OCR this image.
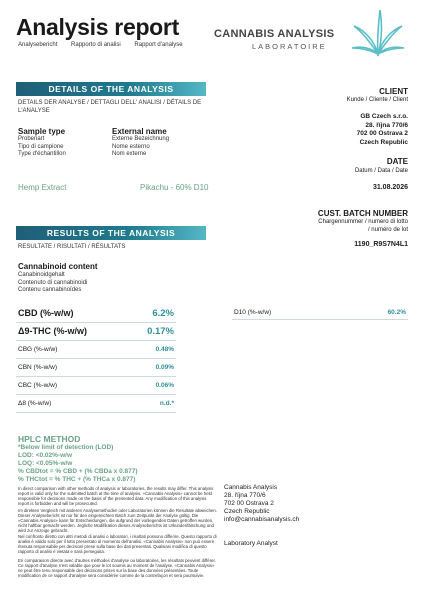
Analysis report
Analysebericht Rapporto di analisi Rapport d'analyse
CANNABIS ANALYSIS
LABORATOIRE
DETAILS OF THE ANALYSIS
DETAILS DER ANALYSE / DETTAGLI DELL' ANALISI / DÉTAILS DE L'ANALYSE
Sample type
Probenart
Tipo di campione
Type d'échantillon
External name
Externe Bezeichnung
Nome esterno
Nom externe
Hemp Extract	Pikachu - 60% D10
CLIENT
Kunde / Cliente / Client
GB Czech s.r.o.
28. října 770/6
702 00 Ostrava 2
Czech Republic
DATE
Datum / Data / Date
31.08.2026
CUST. BATCH NUMBER
Chargennummer / numero di lotto
/ numéro de lot
1190_R9S7N4L1
RESULTS OF THE ANALYSIS
RESULTATE / RISULTATI / RÉSULTATS
Cannabinoid content
Canabinoidgehalt
Contenuto di cannabinoidi
Contenu cannabinoïdes
CBD (%-w/w)	6.2%
Δ9-THC (%-w/w)	0.17%
CBG (%-w/w)	0.48%
CBN (%-w/w)	0.09%
CBC (%-w/w)	0.06%
Δ8 (%-w/w)	n.d.*
D10 (%-w/w)	60.2%
HPLC METHOD
*Below limit of detection (LOD)
LOD: <0.02%-w/w
LOQ: <0.05%-w/w
% CBDtot = % CBD + (% CBDa x 0.877)
% THCtot = % THC + (% THCa x 0.877)
In direct comparison with other methods of analysis or laboratories, the results may differ. This analysis report is valid only for the submitted batch at the time of analysis. «Cannabis Analysis» cannot be held responsible for decisions made on the basis of the presented data. Any modification of this analysis report is forbidden and will be prosecuted.
Im direkten Vergleich mit anderen Analysemethoden oder Laboratorien können die Resultate abweichen. Dieser Analysebericht ist nur für den eingereichten Batch zum Zeitpunkt der Analyse gültig. Die «Cannabis Analysis» kann für Entscheidungen, die aufgrund der vorliegenden Daten getroffen wurden, nicht haftbar gemacht werden. Jegliche Modifikation dieses Analyseberichts ist Urkundenfälschung und wird zur Anzeige gebracht.
Nel confronto diretto con altri metodi di analisi o laboratori, i risultati possono differire. Questo rapporto di analisi è valido solo per il lotto presentato al momento dell'analisi. «Cannabis Analysis» non può essere ritenuta responsabile per decisioni prese sulla base dei dati presentati. Qualsiasi modifica di questo rapporto di analisi è vietata e sarà perseguita.
En comparaison directe avec d'autres méthodes d'analyse ou laboratoires, les résultats peuvent différer. Ce rapport d'analyse n'est valable que pour le lot soumis au moment de l'analyse. «Cannabis Analysis» ne peut être tenu responsable des décisions prises sur la base des données présentées. Toute modification de ce rapport d'analyse sera considérée comme de la contrefaçon et sera poursuivie.
Cannabis Analysis
28. října 770/6
702 00 Ostrava 2
Czech Republic
info@cannabisanalysis.ch
Laboratory Analyst
